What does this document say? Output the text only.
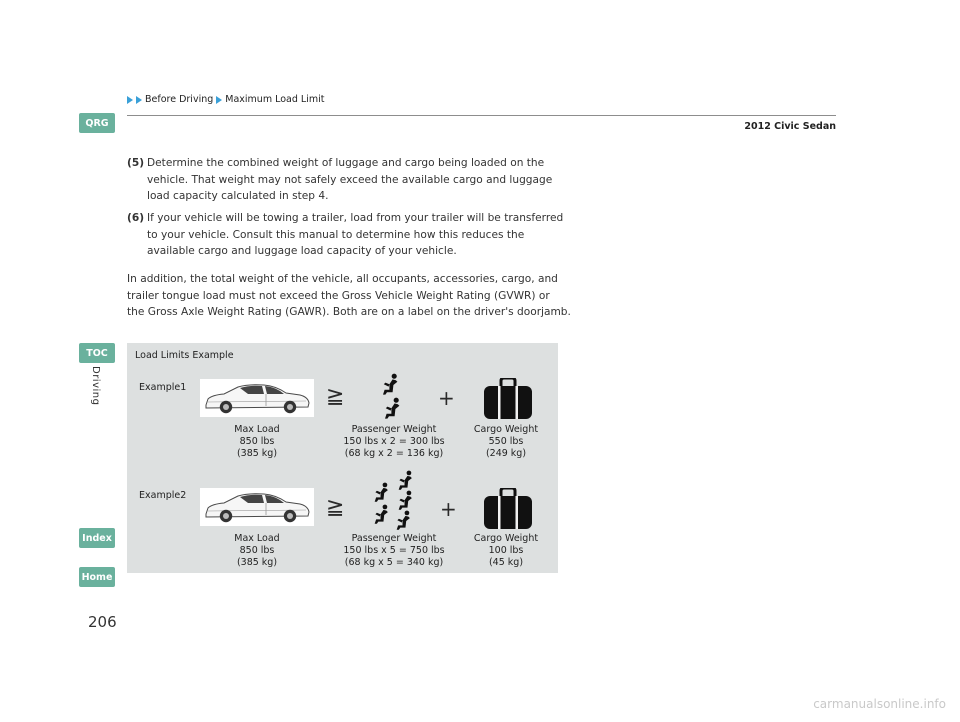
Before Driving Maximum Load Limit
2012 Civic Sedan
QRG
TOC
Driving
Index
Home
(5) Determine the combined weight of luggage and cargo being loaded on the
vehicle. That weight may not safely exceed the available cargo and luggage
load capacity calculated in step 4.
(6) If your vehicle will be towing a trailer, load from your trailer will be transferred
to your vehicle. Consult this manual to determine how this reduces the
available cargo and luggage load capacity of your vehicle.
In addition, the total weight of the vehicle, all occupants, accessories, cargo, and
trailer tongue load must not exceed the Gross Vehicle Weight Rating (GVWR) or
the Gross Axle Weight Rating (GAWR). Both are on a label on the driver's doorjamb.
Load Limits Example
Example1	≧	+
Max Load
850 lbs
(385 kg)
Passenger Weight
150 lbs x 2 = 300 lbs
(68 kg x 2 = 136 kg)
Cargo Weight
550 lbs
(249 kg)
Example2	≧	+
Max Load
850 lbs
(385 kg)
Passenger Weight
150 lbs x 5 = 750 lbs
(68 kg x 5 = 340 kg)
Cargo Weight
100 lbs
(45 kg)
206
carmanualsonline.info
